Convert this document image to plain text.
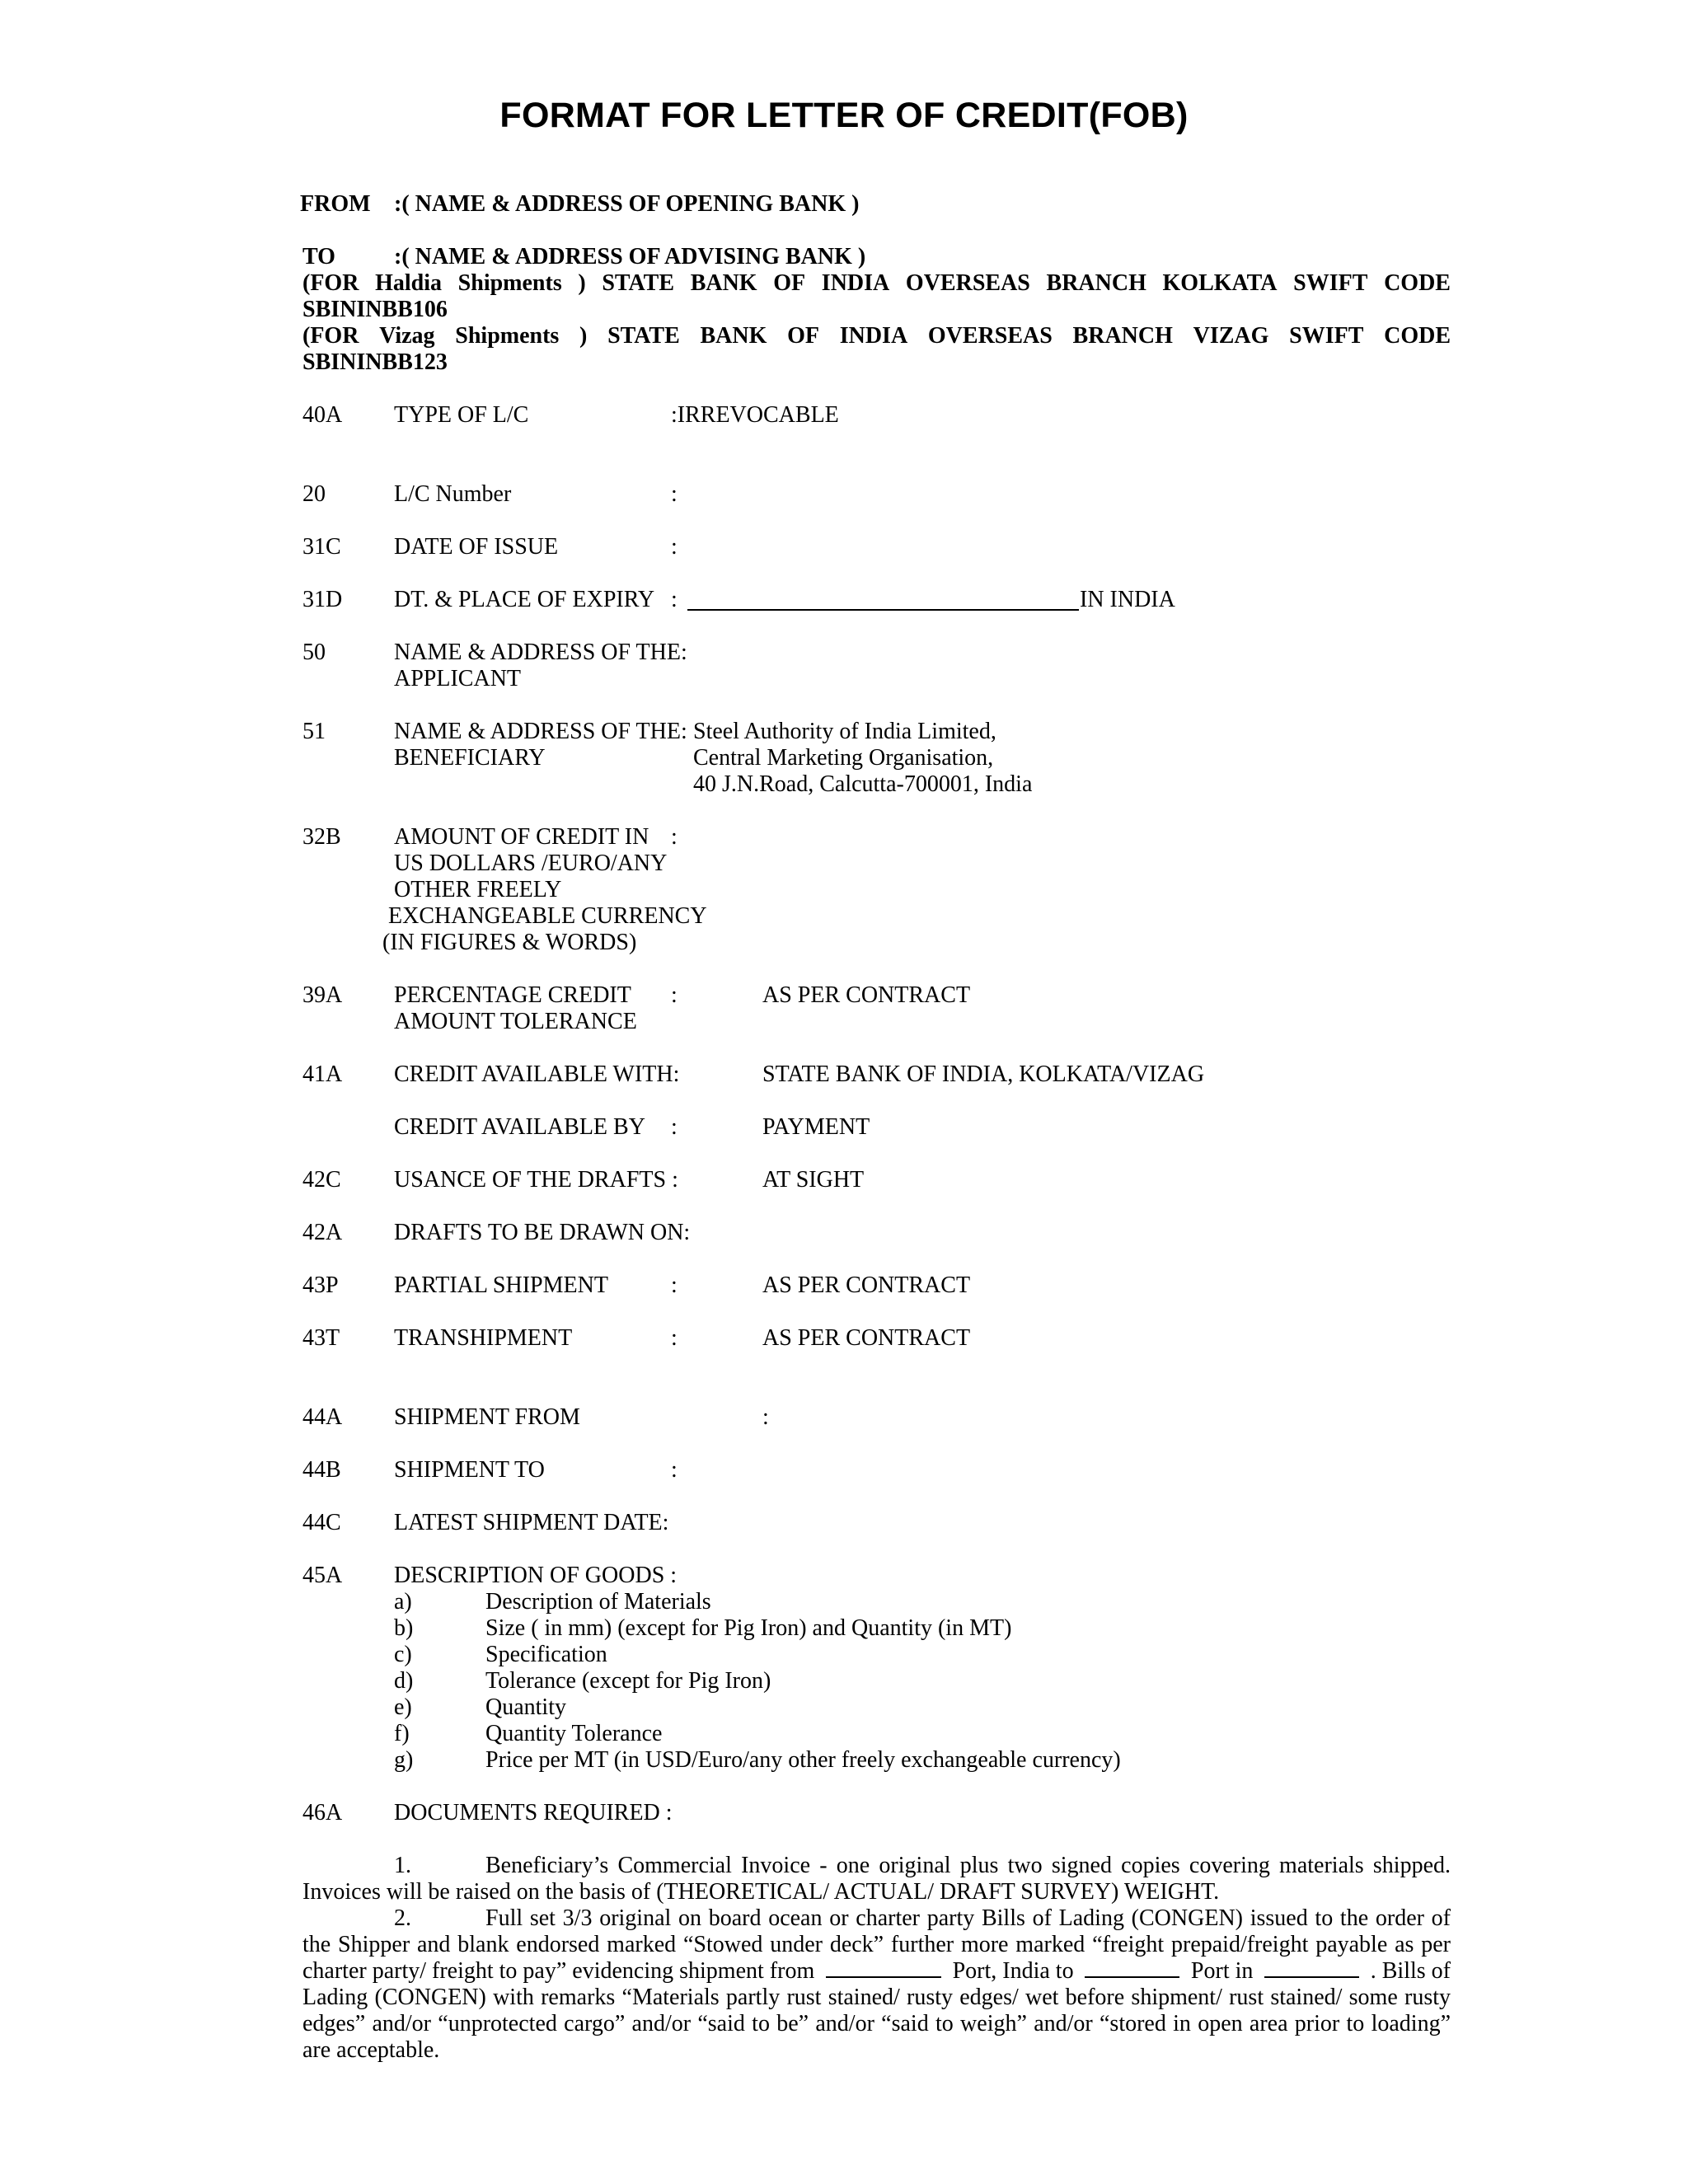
FORMAT FOR LETTER OF CREDIT(FOB)
FROM :( NAME & ADDRESS OF OPENING BANK )
TO	:( NAME & ADDRESS OF ADVISING BANK )
(FOR Haldia Shipments ) STATE BANK OF INDIA OVERSEAS BRANCH KOLKATA SWIFT CODE
SBININBB106
(FOR Vizag Shipments ) STATE BANK OF INDIA OVERSEAS BRANCH VIZAG SWIFT CODE
SBININBB123
40A TYPE OF L/C	:IRREVOCABLE
20	L/C Number	:
31C DATE OF ISSUE	:
31D DT. & PLACE OF EXPIRY :	IN INDIA
50	NAME & ADDRESS OF THE:
APPLICANT
51	NAME & ADDRESS OF THE:
BENEFICIARY
Steel Authority of India Limited,
Central Marketing Organisation,
40 J.N.Road, Calcutta-700001, India
32B AMOUNT OF CREDIT IN :
US DOLLARS /EURO/ANY
OTHER FREELY
EXCHANGEABLE CURRENCY
(IN FIGURES & WORDS)
39A PERCENTAGE CREDIT
AMOUNT TOLERANCE
:	AS PER CONTRACT
41A CREDIT AVAILABLE WITH:	STATE BANK OF INDIA, KOLKATA/VIZAG
CREDIT AVAILABLE BY :	PAYMENT
42C USANCE OF THE DRAFTS :	AT SIGHT
42A DRAFTS TO BE DRAWN ON:
43P PARTIAL SHIPMENT	:	AS PER CONTRACT
43T TRANSHIPMENT	:	AS PER CONTRACT
44A SHIPMENT FROM	:
44B SHIPMENT TO	:
44C LATEST SHIPMENT DATE:
45A DESCRIPTION OF GOODS :
a)	Description of Materials
b)	Size ( in mm) (except for Pig Iron) and Quantity (in MT)
c)	Specification
d)	Tolerance (except for Pig Iron)
e)	Quantity
f)	Quantity Tolerance
g)	Price per MT (in USD/Euro/any other freely exchangeable currency)
46A DOCUMENTS REQUIRED :
1.	Beneficiary’s Commercial Invoice - one original plus two signed copies covering materials shipped.
Invoices will be raised on the basis of (THEORETICAL/ ACTUAL/ DRAFT SURVEY) WEIGHT.
2.	Full set 3/3 original on board ocean or charter party Bills of Lading (CONGEN) issued to the order of
the Shipper and blank endorsed marked “Stowed under deck” further more marked “freight prepaid/freight payable as per
charter party/ freight to pay” evidencing shipment from	Port, India to	Port in	. Bills of
Lading (CONGEN) with remarks “Materials partly rust stained/ rusty edges/ wet before shipment/ rust stained/ some rusty
edges” and/or “unprotected cargo” and/or “said to be” and/or “said to weigh” and/or “stored in open area prior to loading”
are acceptable.
